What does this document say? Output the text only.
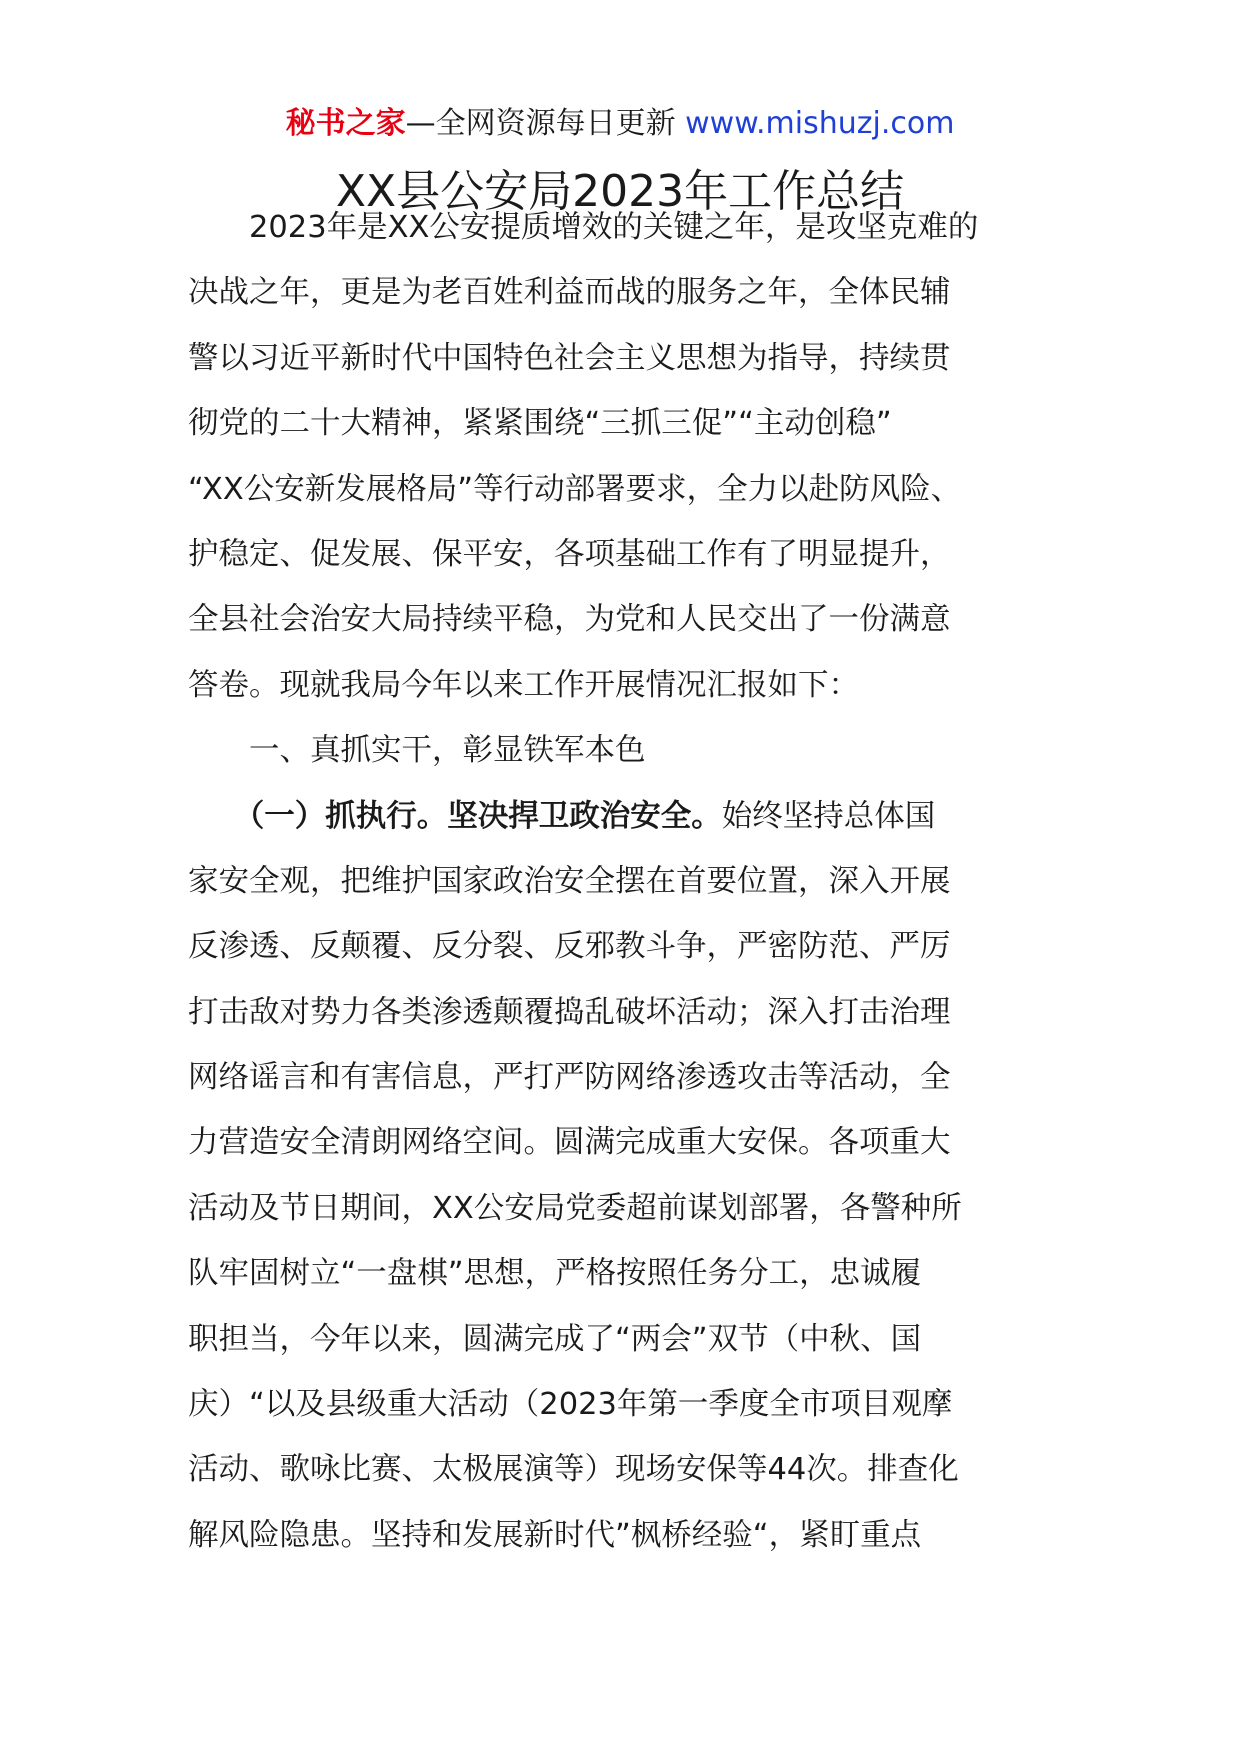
秘书之家—全网资源每日更新 www.mishuzj.com
XX县公安局2023年工作总结
　　2023年是XX公安提质增效的关键之年，是攻坚克难的
决战之年，更是为老百姓利益而战的服务之年，全体民辅
警以习近平新时代中国特色社会主义思想为指导，持续贯
彻党的二十大精神，紧紧围绕“三抓三促”“主动创稳”
“XX公安新发展格局”等行动部署要求，全力以赴防风险、
护稳定、促发展、保平安，各项基础工作有了明显提升，
全县社会治安大局持续平稳，为党和人民交出了一份满意
答卷。现就我局今年以来工作开展情况汇报如下：
　　一、真抓实干，彰显铁军本色
　　（一）抓执行。坚决捍卫政治安全。始终坚持总体国
家安全观，把维护国家政治安全摆在首要位置，深入开展
反渗透、反颠覆、反分裂、反邪教斗争，严密防范、严厉
打击敌对势力各类渗透颠覆捣乱破坏活动；深入打击治理
网络谣言和有害信息，严打严防网络渗透攻击等活动，全
力营造安全清朗网络空间。圆满完成重大安保。各项重大
活动及节日期间，XX公安局党委超前谋划部署，各警种所
队牢固树立“一盘棋”思想，严格按照任务分工，忠诚履
职担当，今年以来，圆满完成了“两会”双节（中秋、国
庆）“以及县级重大活动（2023年第一季度全市项目观摩
活动、歌咏比赛、太极展演等）现场安保等44次。排查化
解风险隐患。坚持和发展新时代”枫桥经验“，紧盯重点
